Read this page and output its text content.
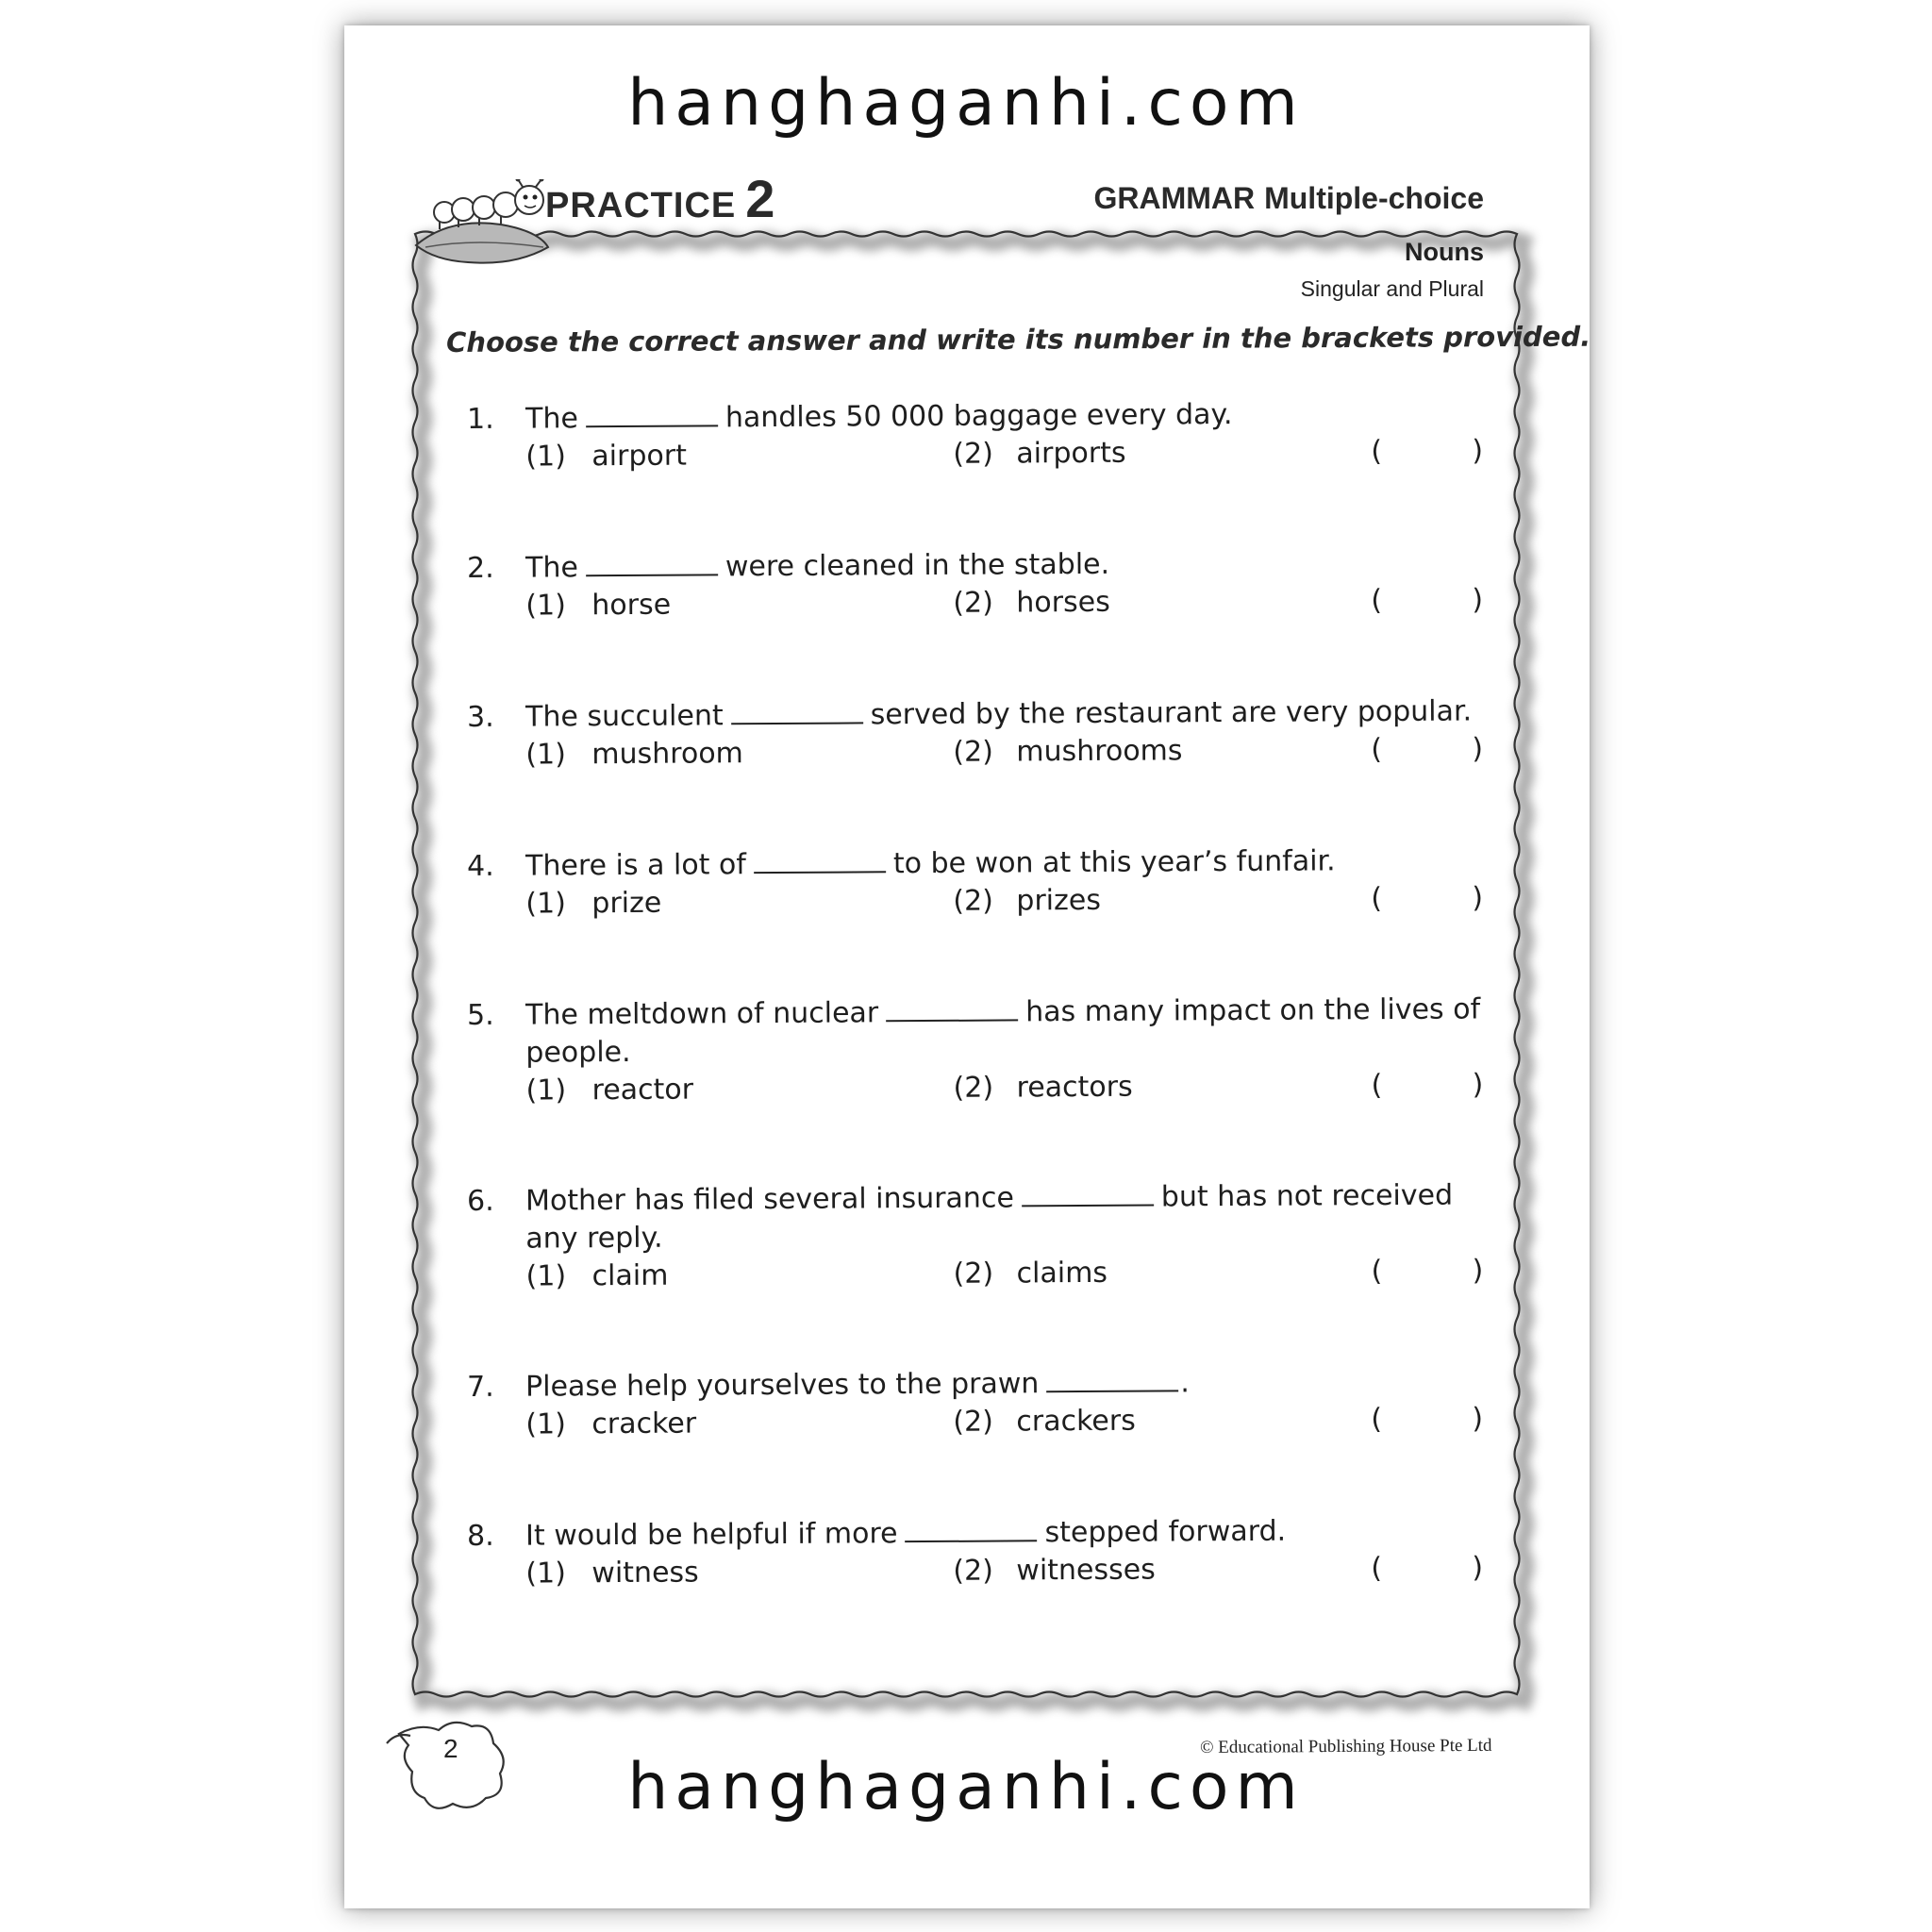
hanghaganhi.com
PRACTICE 2	GRAMMAR Multiple-choice
Nouns
Singular and Plural
Choose the correct answer and write its number in the brackets provided.
1. The	handles 50 000 baggage every day.
(1) airport	(2) airports	(	)
2. The	were cleaned in the stable.
(1) horse	(2) horses	(	)
3. The succulent	served by the restaurant are very popular.
(1) mushroom	(2) mushrooms	(	)
4. There is a lot of	to be won at this year’s funfair.
(1) prize	(2) prizes	(	)
5. The meltdown of nuclear	has many impact on the lives of
people.
(1) reactor	(2) reactors	(	)
6. Mother has filed several insurance	but has not received
any reply.
(1) claim	(2) claims	(	)
7. Please help yourselves to the prawn	.
(1) cracker	(2) crackers	(	)
8. It would be helpful if more	stepped forward.
(1) witness	(2) witnesses	(	)
2	© Educational Publishing House Pte Ltd
hanghaganhi.com
